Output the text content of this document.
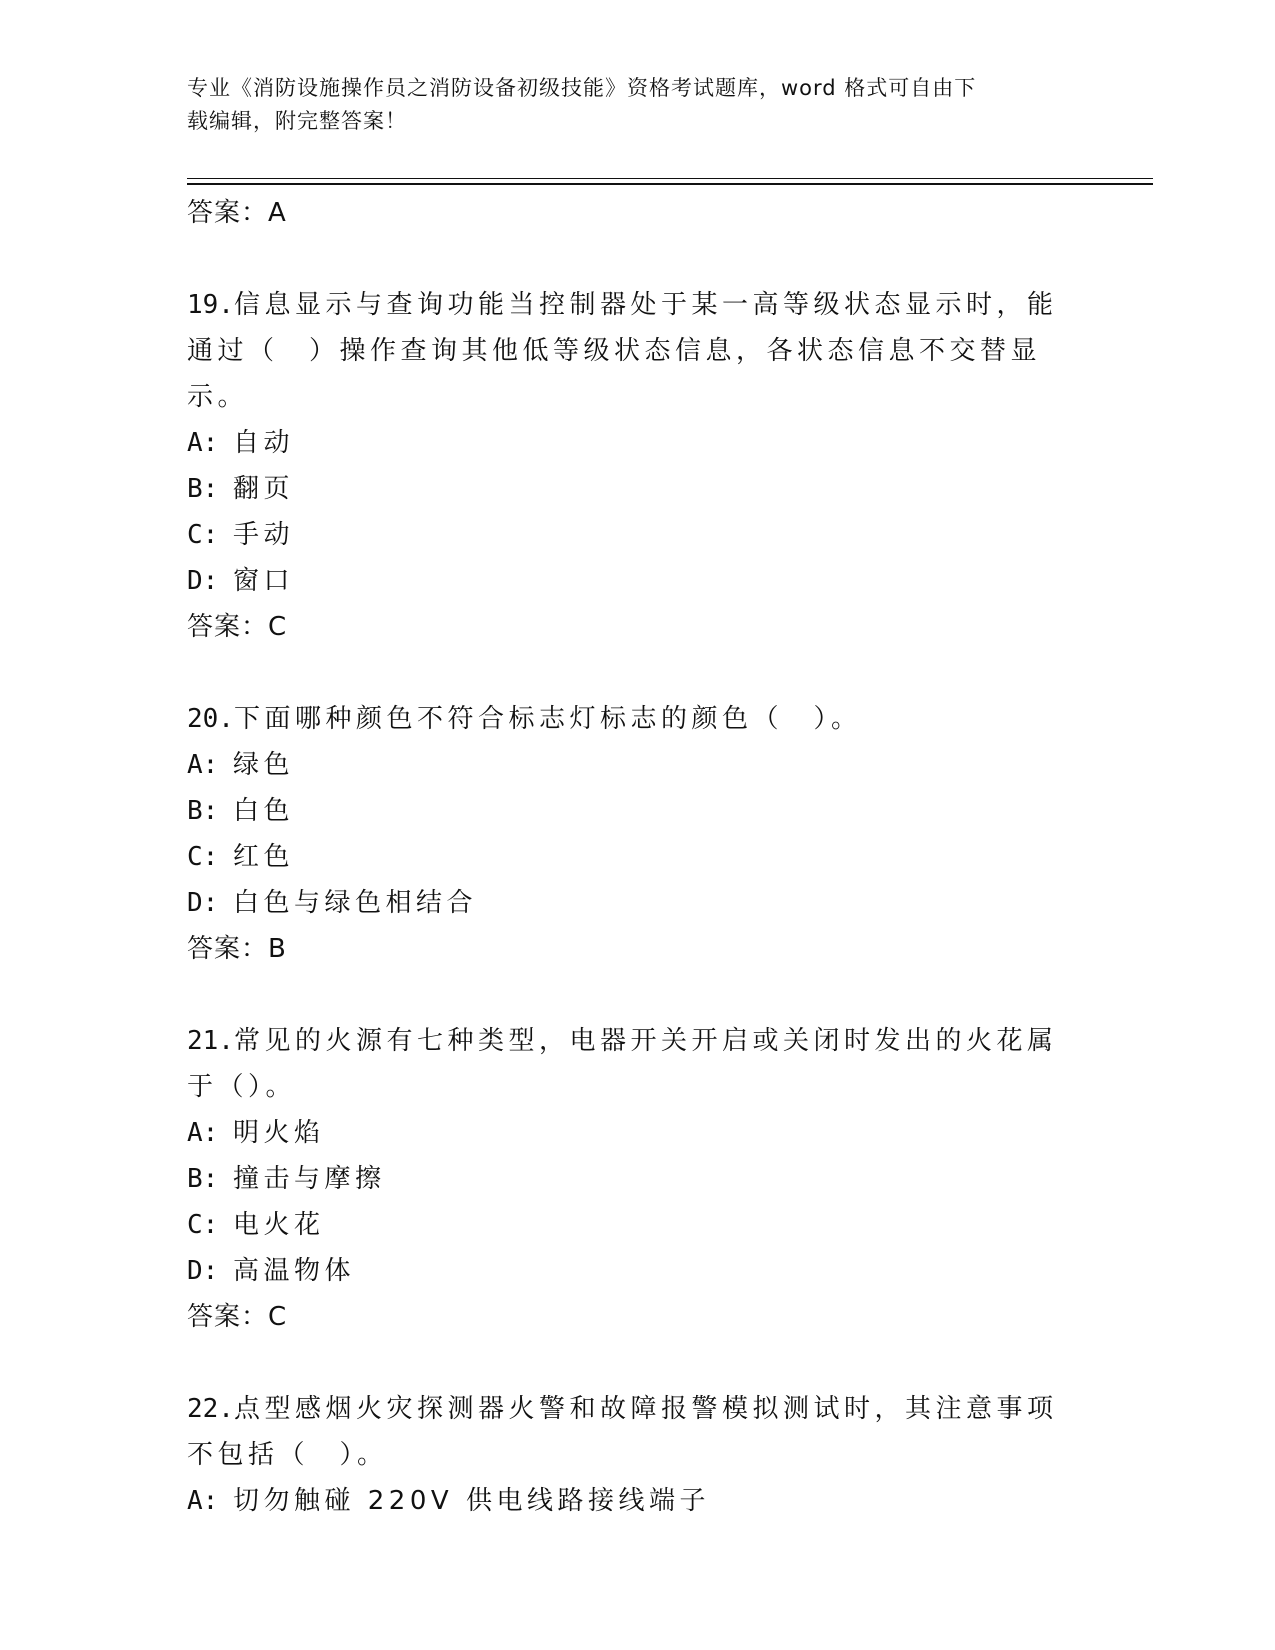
专业《消防设施操作员之消防设备初级技能》资格考试题库，word 格式可自由下
载编辑，附完整答案！
答案：A
19.信息显示与查询功能当控制器处于某一高等级状态显示时，能通过（　）操作查询其他低等级状态信息，各状态信息不交替显示。
A: 自动
B: 翻页
C: 手动
D: 窗口
答案：C
20.下面哪种颜色不符合标志灯标志的颜色（　）。
A: 绿色
B: 白色
C: 红色
D: 白色与绿色相结合
答案：B
21.常见的火源有七种类型，电器开关开启或关闭时发出的火花属于（）。
A: 明火焰
B: 撞击与摩擦
C: 电火花
D: 高温物体
答案：C
22.点型感烟火灾探测器火警和故障报警模拟测试时，其注意事项不包括（　）。
A: 切勿触碰 220V 供电线路接线端子
